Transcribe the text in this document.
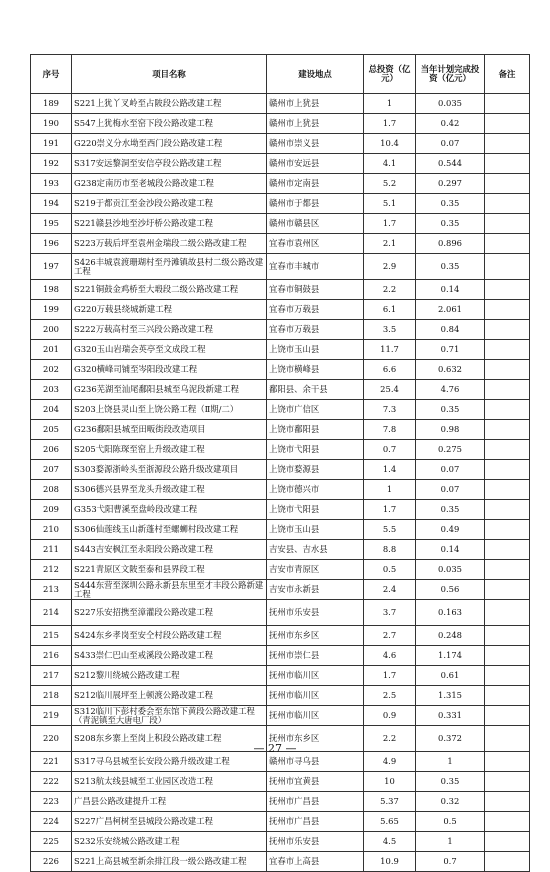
序号	项目名称	建设地点	总投资（亿元）	当年计划完成投资（亿元）	备注
189	S221上犹丫叉岭至占陂段公路改建工程	赣州市上犹县	1	0.035	
190	S547上犹梅水至窑下段公路改建工程	赣州市上犹县	1.7	0.42	
191	G220崇义分水坳至西门段公路改建工程	赣州市崇义县	10.4	0.07	
192	S317安远黎洞至安信亭段公路改建工程	赣州市安远县	4.1	0.544	
193	G238定南历市至老城段公路改建工程	赣州市定南县	5.2	0.297	
194	S219于都贡江至金沙段公路改建工程	赣州市于都县	5.1	0.35	
195	S221赣县沙地至沙圩桥公路改建工程	赣州市赣县区	1.7	0.35	
196	S223万载后坪至袁州金瑞段二级公路改建工程	宜春市袁州区	2.1	0.896	
197	S426丰城袁渡珊瑚村至丹滩镇故县村二级公路改建工程	宜春市丰城市	2.9	0.35	
198	S221铜鼓金鸡桥至大塅段二级公路改建工程	宜春市铜鼓县	2.2	0.14	
199	G220万载县绕城新建工程	宜春市万载县	6.1	2.061	
200	S222万载高村至三兴段公路改建工程	宜春市万载县	3.5	0.84	
201	G320玉山岩瑞会英亭至文成段工程	上饶市玉山县	11.7	0.71	
202	G320横峰司铺至岑阳段改建工程	上饶市横峰县	6.6	0.632	
203	G236芜湖至汕尾鄱阳县城至乌泥段新建工程	鄱阳县、余干县	25.4	4.76	
204	S203上饶县灵山至上饶公路工程（Ⅱ期/二）	上饶市广信区	7.3	0.35	
205	G236鄱阳县城至田畈街段改造项目	上饶市鄱阳县	7.8	0.98	
206	S205弋阳陈琛至窑上升级改建工程	上饶市弋阳县	0.7	0.275	
207	S303婺源浙岭头至浙源段公路升级改建项目	上饶市婺源县	1.4	0.07	
208	S306德兴县界至龙头升级改建工程	上饶市德兴市	1	0.07	
209	G353弋阳曹溪至盘岭段改建工程	上饶市弋阳县	1.7	0.35	
210	S306仙莲线玉山新蓬村至螺蛳村段改建工程	上饶市玉山县	5.5	0.49	
211	S443吉安枫江至永阳段公路改建工程	吉安县、吉水县	8.8	0.14	
212	S221青原区文陂至泰和县界段工程	吉安市青原区	0.5	0.035	
213	S444东营至深圳公路永新县东里至才丰段公路新建工程	吉安市永新县	2.4	0.56	
214	S227乐安招携至漳灌段公路改建工程	抚州市乐安县	3.7	0.163	
215	S424东乡孝岗至安仝村段公路改建工程	抚州市东乡区	2.7	0.248	
216	S433崇仁巴山至戒溪段公路改建工程	抚州市崇仁县	4.6	1.174	
217	S212黎川绕城公路改建工程	抚州市临川区	1.7	0.61	
218	S212临川展坪至上顿渡公路改建工程	抚州市临川区	2.5	1.315	
219	S312临川下彭村委会至东馆下黄段公路改建工程（青泥镇至大唐电厂段）	抚州市临川区	0.9	0.331	
220	S208东乡寨上至岗上积段公路改建工程	抚州市东乡区	2.2	0.372	
221	S317寻乌县城至长安段公路升级改建工程	赣州市寻乌县	4.9	1	
222	S213航太线县城至工业园区改造工程	抚州市宜黄县	10	0.35	
223	广昌县公路改建提升工程	抚州市广昌县	5.37	0.32	
224	S227广昌柯树至县城段公路改建工程	抚州市广昌县	5.65	0.5	
225	S232乐安绕城公路改建工程	抚州市乐安县	4.5	1	
226	S221上高县城至新余排江段一级公路改建工程	宜春市上高县	10.9	0.7	
— 27 —
